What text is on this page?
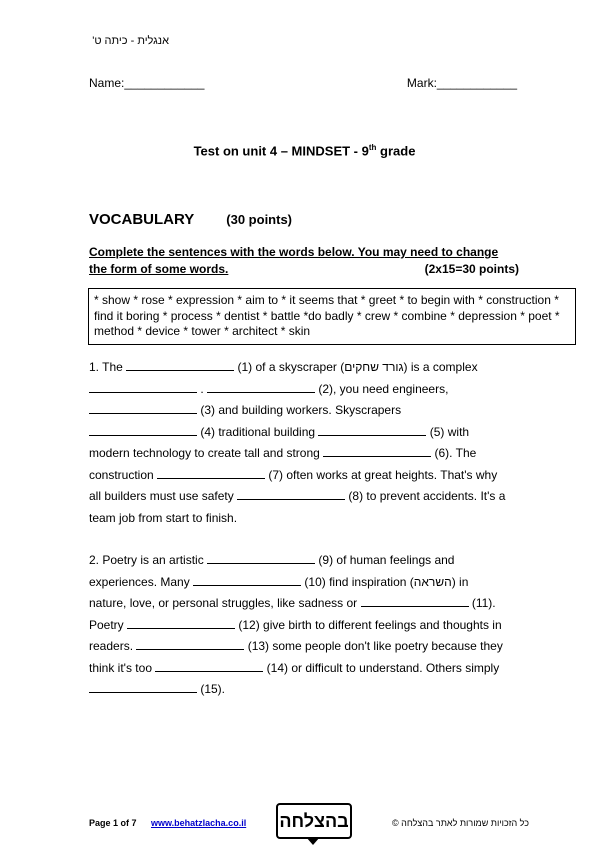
אנגלית - כיתה ט'
Name:____________	Mark:____________
Test on unit 4 – MINDSET - 9th grade
VOCABULARY (30 points)
Complete the sentences with the words below. You may need to change
the form of some words.	(2x15=30 points)
* show * rose * expression * aim to * it seems that * greet * to begin with * construction *
find it boring * process * dentist * battle *do badly * crew * combine * depression * poet *
method * device * tower * architect * skin
1. The	(1) of a skyscraper (גורד שחקים) is a complex
.	(2), you need engineers,
(3) and building workers. Skyscrapers
(4) traditional building	(5) with
modern technology to create tall and strong	(6). The
construction	(7) often works at great heights. That's why
all builders must use safety	(8) to prevent accidents. It's a
team job from start to finish.
2. Poetry is an artistic	(9) of human feelings and
experiences. Many	(10) find inspiration (השראה) in
nature, love, or personal struggles, like sadness or	(11).
Poetry	(12) give birth to different feelings and thoughts in
readers.	(13) some people don't like poetry because they
think it's too	(14) or difficult to understand. Others simply
(15).
Page 1 of 7 www.behatzlacha.co.il	כל הזכויות שמורות לאתר בהצלחה ©
בהצלחה
